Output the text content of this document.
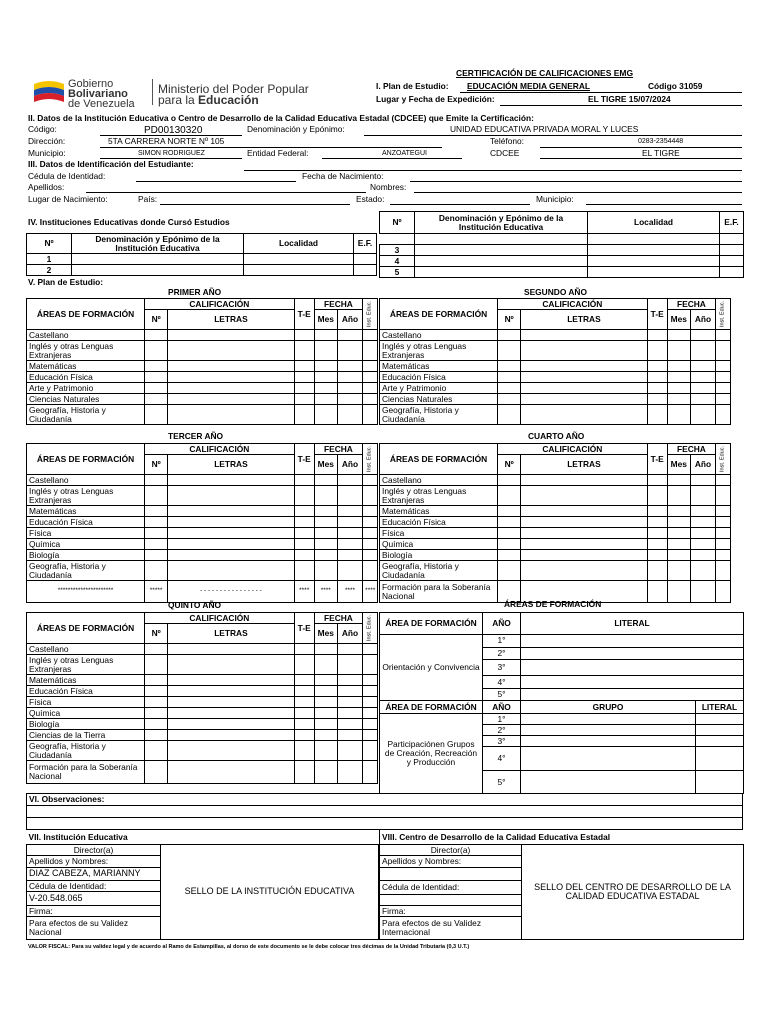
Gobierno
Bolivariano
de Venezuela
Ministerio del Poder Popular
para la Educación
CERTIFICACIÓN DE CALIFICACIONES EMG
I. Plan de Estudio: EDUCACIÓN MEDIA GENERAL	Código 31059
Lugar y Fecha de Expedición:	EL TIGRE 15/07/2024
II. Datos de la Institución Educativa o Centro de Desarrollo de la Calidad Educativa Estadal (CDCEE) que Emite la Certificación:
Código:	PD00130320	Denominación y Epónimo:	UNIDAD EDUCATIVA PRIVADA MORAL Y LUCES
Dirección:	5TA CARRERA NORTE Nº 105	Teléfono:	0283-2354448
Municipio:	SIMON RODRIGUEZ	Entidad Federal:	ANZOATEGUI	CDCEE	EL TIGRE
III. Datos de Identificación del Estudiante:
Cédula de Identidad:	Fecha de Nacimiento:
Apellidos:	Nombres:
Lugar de Nacimiento:	País:	Estado:	Municipio:
IV. Instituciones Educativas donde Cursó Estudios
Nº	Denominación y Epónimo de la Institución Educativa	Localidad	E.F.
1			
2			
Nº	Denominación y Epónimo de la Institución Educativa	Localidad	E.F.

3			
4			
5			
V. Plan de Estudio:
PRIMER AÑO	SEGUNDO AÑO
TERCER AÑO	CUARTO AÑO
QUINTO AÑO	ÁREAS DE FORMACIÓN
ÁREAS DE FORMACIÓN	CALIFICACIÓN		T-E	FECHA		Inst. Educ.
	Nº	LETRAS		Mes	Año	
Castellano						
Inglés y otras Lenguas Extranjeras						
Matemáticas						
Educación Física						
Arte y Patrimonio						
Ciencias Naturales						
Geografía, Historia y Ciudadanía						
ÁREAS DE FORMACIÓN	CALIFICACIÓN		T-E	FECHA		Inst. Educ.
	Nº	LETRAS		Mes	Año	
Castellano						
Inglés y otras Lenguas Extranjeras						
Matemáticas						
Educación Física						
Arte y Patrimonio						
Ciencias Naturales						
Geografía, Historia y Ciudadanía						
ÁREAS DE FORMACIÓN	CALIFICACIÓN		T-E	FECHA		Inst. Educ.
	Nº	LETRAS		Mes	Año	
Castellano						
Inglés y otras Lenguas Extranjeras						
Matemáticas						
Educación Física						
Física						
Química						
Biología						
Geografía, Historia y Ciudadanía						
**********************	*****	- - - - - - - - - - - - - - - -	****	****	****	****
ÁREAS DE FORMACIÓN	CALIFICACIÓN		T-E	FECHA		Inst. Educ.
	Nº	LETRAS		Mes	Año	
Castellano						
Inglés y otras Lenguas Extranjeras						
Matemáticas						
Educación Física						
Física						
Química						
Biología						
Geografía, Historia y Ciudadanía						
Formación para la Soberanía Nacional						
ÁREAS DE FORMACIÓN	CALIFICACIÓN		T-E	FECHA		Inst. Educ.
	Nº	LETRAS		Mes	Año	
Castellano						
Inglés y otras Lenguas Extranjeras						
Matemáticas						
Educación Física						
Física						
Química						
Biología						
Ciencias de la Tierra						
Geografía, Historia y Ciudadanía						
Formación para la Soberanía Nacional						
ÁREA DE FORMACIÓN	AÑO	LITERAL
Orientación y Convivencia	1°	
	2°	
	3°	
	4°	
	5°	
ÁREA DE FORMACIÓN	AÑO	GRUPO	LITERAL
Participaciónen Grupos de Creación, Recreación y Producción	1°		
	2°		
	3°		
	4°		
	5°		
VI. Observaciones:

VII. Institución Educativa
Director(a)	SELLO DE LA INSTITUCIÓN EDUCATIVA
Apellidos y Nombres:
DIAZ CABEZA, MARIANNY
Cédula de Identidad:
V-20.548.065
Firma:
Para efectos de su Validez Nacional
VIII. Centro de Desarrollo de la Calidad Educativa Estadal
Director(a)	SELLO DEL CENTRO DE DESARROLLO DE LA CALIDAD EDUCATIVA ESTADAL
Apellidos y Nombres:

Cédula de Identidad:

Firma:
Para efectos de su Validez Internacional
VALOR FISCAL: Para su validez legal y de acuerdo al Ramo de Estampillas, al dorso de este documento se le debe colocar tres décimas de la Unidad Tributaria (0,3 U.T.)
